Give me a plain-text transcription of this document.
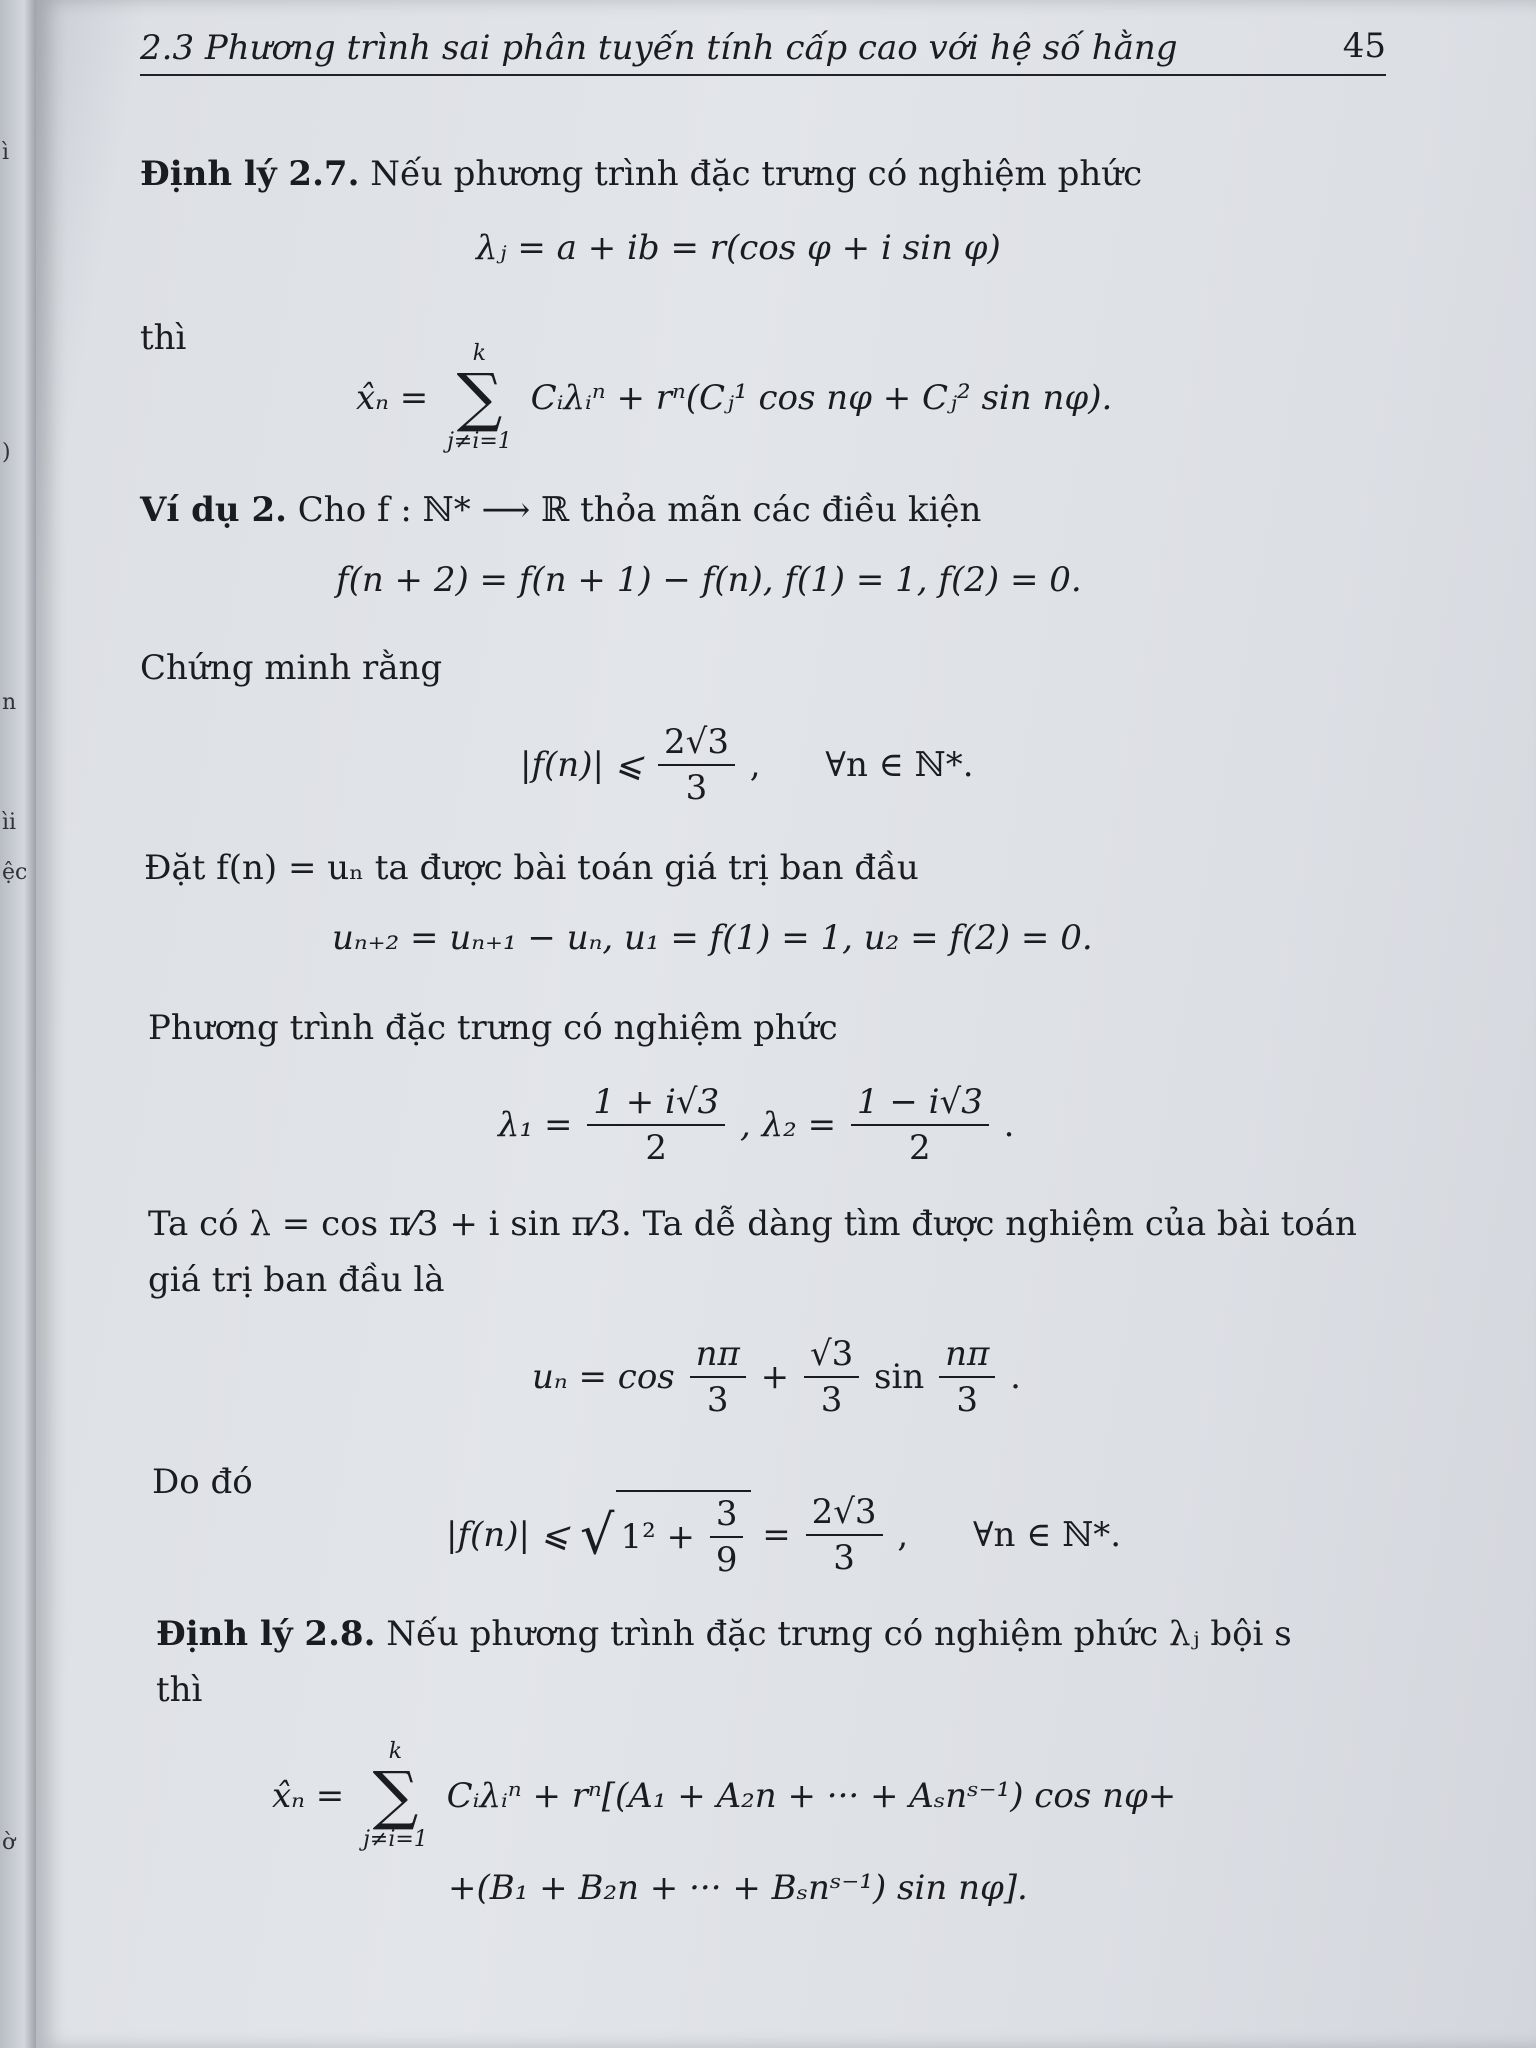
ì
)
n
ìi
ệc
ờ
2.3 Phương trình sai phân tuyến tính cấp cao với hệ số hằng	45
Định lý 2.7. Nếu phương trình đặc trưng có nghiệm phức
λⱼ = a + ib = r(cos φ + i sin φ)
thì
x̂ₙ =
k
∑
j≠i=1
Cᵢλᵢⁿ + rⁿ(Cⱼ¹ cos nφ + Cⱼ² sin nφ).
Ví dụ 2. Cho f : ℕ* ⟶ ℝ thỏa mãn các điều kiện
f(n + 2) = f(n + 1) − f(n), f(1) = 1, f(2) = 0.
Chứng minh rằng
|f(n)| ⩽ $\frac{2√3}{3}$ ,      ∀n ∈ ℕ*.
Đặt f(n) = uₙ ta được bài toán giá trị ban đầu
uₙ₊₂ = uₙ₊₁ − uₙ, u₁ = f(1) = 1, u₂ = f(2) = 0.
Phương trình đặc trưng có nghiệm phức
$\lambda_1 = \frac{1 + i√3}{2}$ , $\lambda_2 = \frac{1 - i√3}{2}$ .
Ta có λ = cos π⁄3 + i sin π⁄3. Ta dễ dàng tìm được nghiệm của bài toán
giá trị ban đầu là
$u_n = \cos \frac{n\pi}{3} + \frac{√3}{3}$ $\sin \frac{n\pi}{3}$ .
Do đó
|f(n)| ⩽ √ $1^2 + \frac{3}{9} = \frac{2√3}{3}$ ,      ∀n ∈ ℕ*.
Định lý 2.8. Nếu phương trình đặc trưng có nghiệm phức λⱼ bội s
thì
x̂ₙ =
k
∑
j≠i=1
Cᵢλᵢⁿ + rⁿ[(A₁ + A₂n + ··· + Aₛnˢ⁻¹) cos nφ+
+(B₁ + B₂n + ··· + Bₛnˢ⁻¹) sin nφ].
